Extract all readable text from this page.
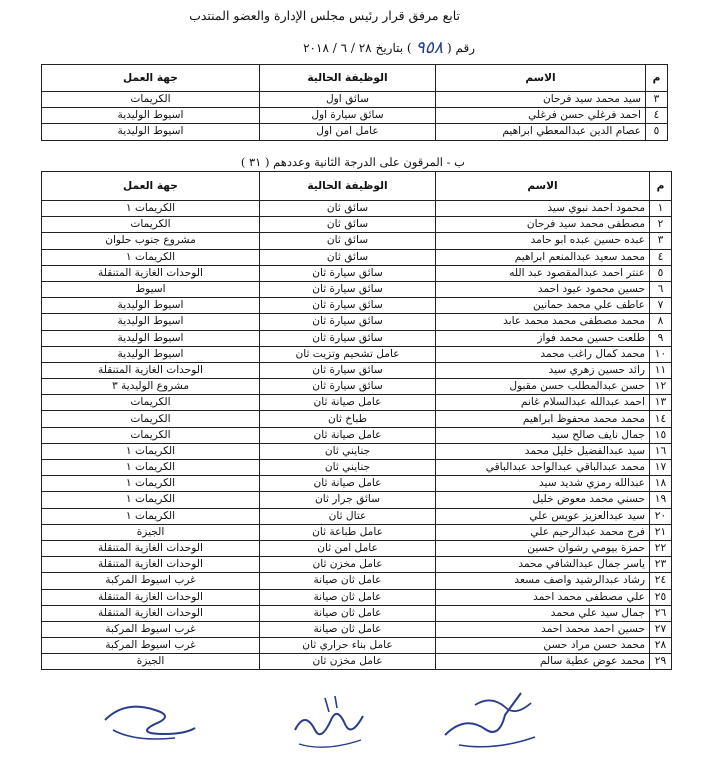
تابع مرفق قرار رئيس مجلس الإدارة والعضو المنتدب
رقم (
٩٥٨
) بتاريخ
٢٨ / ٦ / ٢٠١٨
م	الاسم	الوظيفة الحالية	جهة العمل
٣	سيد محمد سيد فرحان	سائق اول	الكريمات
٤	احمد فرغلي حسن فرغلي	سائق سيارة اول	اسيوط الوليدية
٥	عصام الدين عبدالمعطي ابراهيم	عامل امن اول	اسيوط الوليدية
ب - المرقون على الدرجة الثانية وعددهم ( ٣١ )
م	الاسم	الوظيفة الحالية	جهة العمل
١	محمود احمد نبوي سيد	سائق ثان	الكريمات ١
٢	مصطفى محمد سيد فرحان	سائق ثان	الكريمات
٣	عبده حسين عبده ابو حامد	سائق ثان	مشروع جنوب حلوان
٤	محمد سعيد عبدالمنعم ابراهيم	سائق ثان	الكريمات ١
٥	عنتر احمد عبدالمقصود عبد الله	سائق سيارة ثان	الوحدات الغازية المتنقلة
٦	حسين محمود عيود احمد	سائق سيارة ثان	اسيوط
٧	عاطف علي محمد حمانين	سائق سيارة ثان	اسيوط الوليدية
٨	محمد مصطفى محمد محمد عابد	سائق سيارة ثان	اسيوط الوليدية
٩	طلعت حسين محمد فواز	سائق سيارة ثان	اسيوط الوليدية
١٠	محمد كمال راغب محمد	عامل تشحيم وتزيت ثان	اسيوط الوليدية
١١	رائد حسين زهري سيد	سائق سيارة ثان	الوحدات الغازية المتنقلة
١٢	حسن عبدالمطلب حسن مقبول	سائق سيارة ثان	مشروع الوليدية ٣
١٣	احمد عبدالله عبدالسلام غانم	عامل صيانة ثان	الكريمات
١٤	محمد محمد محفوظ ابراهيم	طباخ ثان	الكريمات
١٥	جمال نايف صالح سيد	عامل صيانة ثان	الكريمات
١٦	سيد عبدالفضيل خليل محمد	جنايني ثان	الكريمات ١
١٧	محمد عبدالباقي عبدالواحد عبدالباقي	جنايني ثان	الكريمات ١
١٨	عبدالله رمزي شديد سيد	عامل صيانة ثان	الكريمات ١
١٩	حسني محمد معوض خليل	سائق جرار ثان	الكريمات ١
٢٠	سيد عبدالعزيز عويس علي	عتال ثان	الكريمات ١
٢١	فرج محمد عبدالرحيم علي	عامل طباعة ثان	الجيزة
٢٢	حمزة بيومي رشوان حسين	عامل امن ثان	الوحدات الغازية المتنقلة
٢٣	ياسر جمال عبدالشافي محمد	عامل مخزن ثان	الوحدات الغازية المتنقلة
٢٤	رشاد عبدالرشيد واصف مسعد	عامل ثان صيانة	غرب اسيوط المركبة
٢٥	علي مصطفى محمد احمد	عامل ثان صيانة	الوحدات الغازية المتنقلة
٢٦	جمال سيد علي محمد	عامل ثان صيانة	الوحدات الغازية المتنقلة
٢٧	حسين احمد محمد احمد	عامل ثان صيانة	غرب اسيوط المركبة
٢٨	محمد حسن مراد حسن	عامل بناء حراري ثان	غرب اسيوط المركبة
٢٩	محمد عوض عطية سالم	عامل مخزن ثان	الجيزة
